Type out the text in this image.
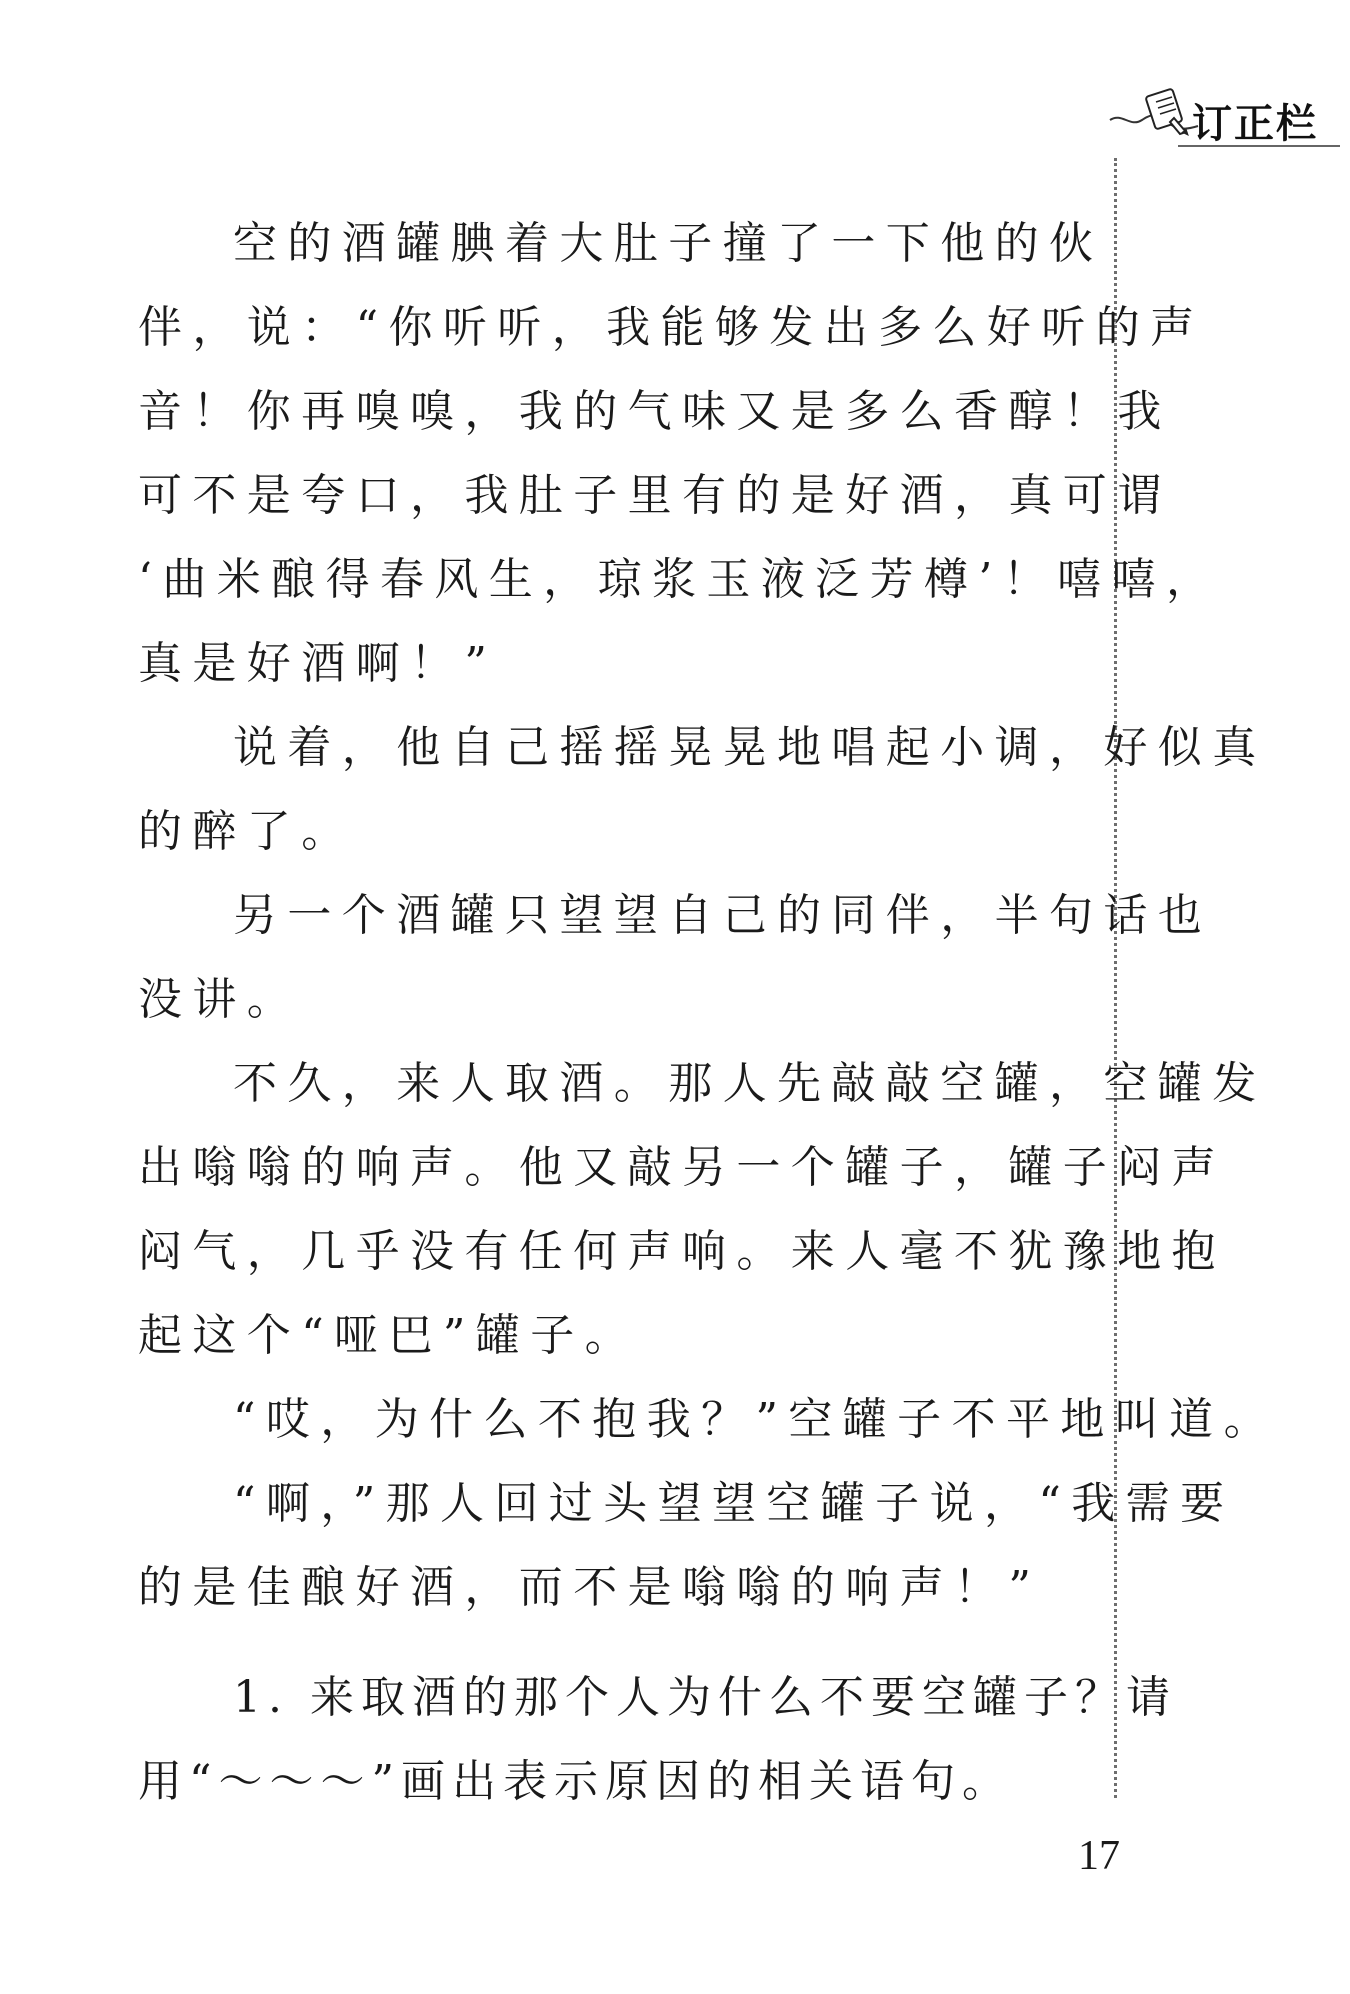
订正栏
空的酒罐腆着大肚子撞了一下他的伙
伴，说：“你听听，我能够发出多么好听的声
音！你再嗅嗅，我的气味又是多么香醇！我
可不是夸口，我肚子里有的是好酒，真可谓
‘曲米酿得春风生，琼浆玉液泛芳樽’！嘻嘻，
真是好酒啊！”
说着，他自己摇摇晃晃地唱起小调，好似真
的醉了。
另一个酒罐只望望自己的同伴，半句话也
没讲。
不久，来人取酒。那人先敲敲空罐，空罐发
出嗡嗡的响声。他又敲另一个罐子，罐子闷声
闷气，几乎没有任何声响。来人毫不犹豫地抱
起这个“哑巴”罐子。
“哎，为什么不抱我？”空罐子不平地叫道。
“啊，”那人回过头望望空罐子说，“我需要
的是佳酿好酒，而不是嗡嗡的响声！”
1. 来取酒的那个人为什么不要空罐子？请
用“～～～”画出表示原因的相关语句。
17
